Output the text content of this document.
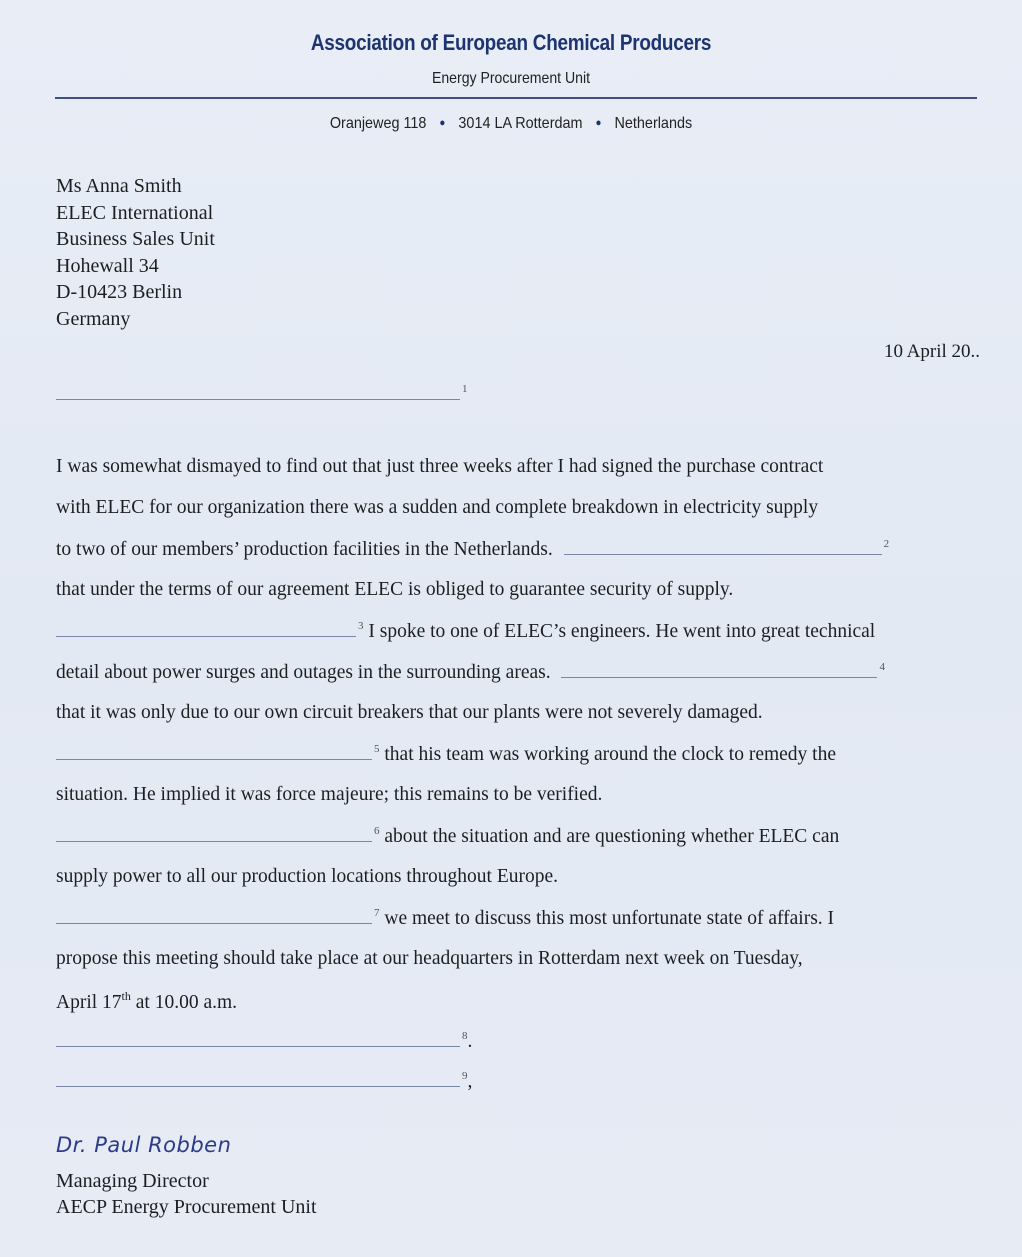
Association of European Chemical Producers
Energy Procurement Unit
Oranjeweg 118 ● 3014 LA Rotterdam ● Netherlands
Ms Anna Smith
ELEC International
Business Sales Unit
Hohewall 34
D-10423 Berlin
Germany
10 April 20..
$^1$
I was somewhat dismayed to find out that just three weeks after I had signed the purchase contract
with ELEC for our organization there was a sudden and complete breakdown in electricity supply
to two of our members’ production facilities in the Netherlands.	$^2$
that under the terms of our agreement ELEC is obliged to guarantee security of supply.
$^3$ I spoke to one of ELEC’s engineers. He went into great technical
detail about power surges and outages in the surrounding areas.	$^4$
that it was only due to our own circuit breakers that our plants were not severely damaged.
$^5$ that his team was working around the clock to remedy the
situation. He implied it was force majeure; this remains to be verified.
$^6$ about the situation and are questioning whether ELEC can
supply power to all our production locations throughout Europe.
$^7$ we meet to discuss this most unfortunate state of affairs. I
propose this meeting should take place at our headquarters in Rotterdam next week on Tuesday,
April 17th at 10.00 a.m.
$^8$.
$^9$,
Dr. Paul Robben
Managing Director
AECP Energy Procurement Unit
